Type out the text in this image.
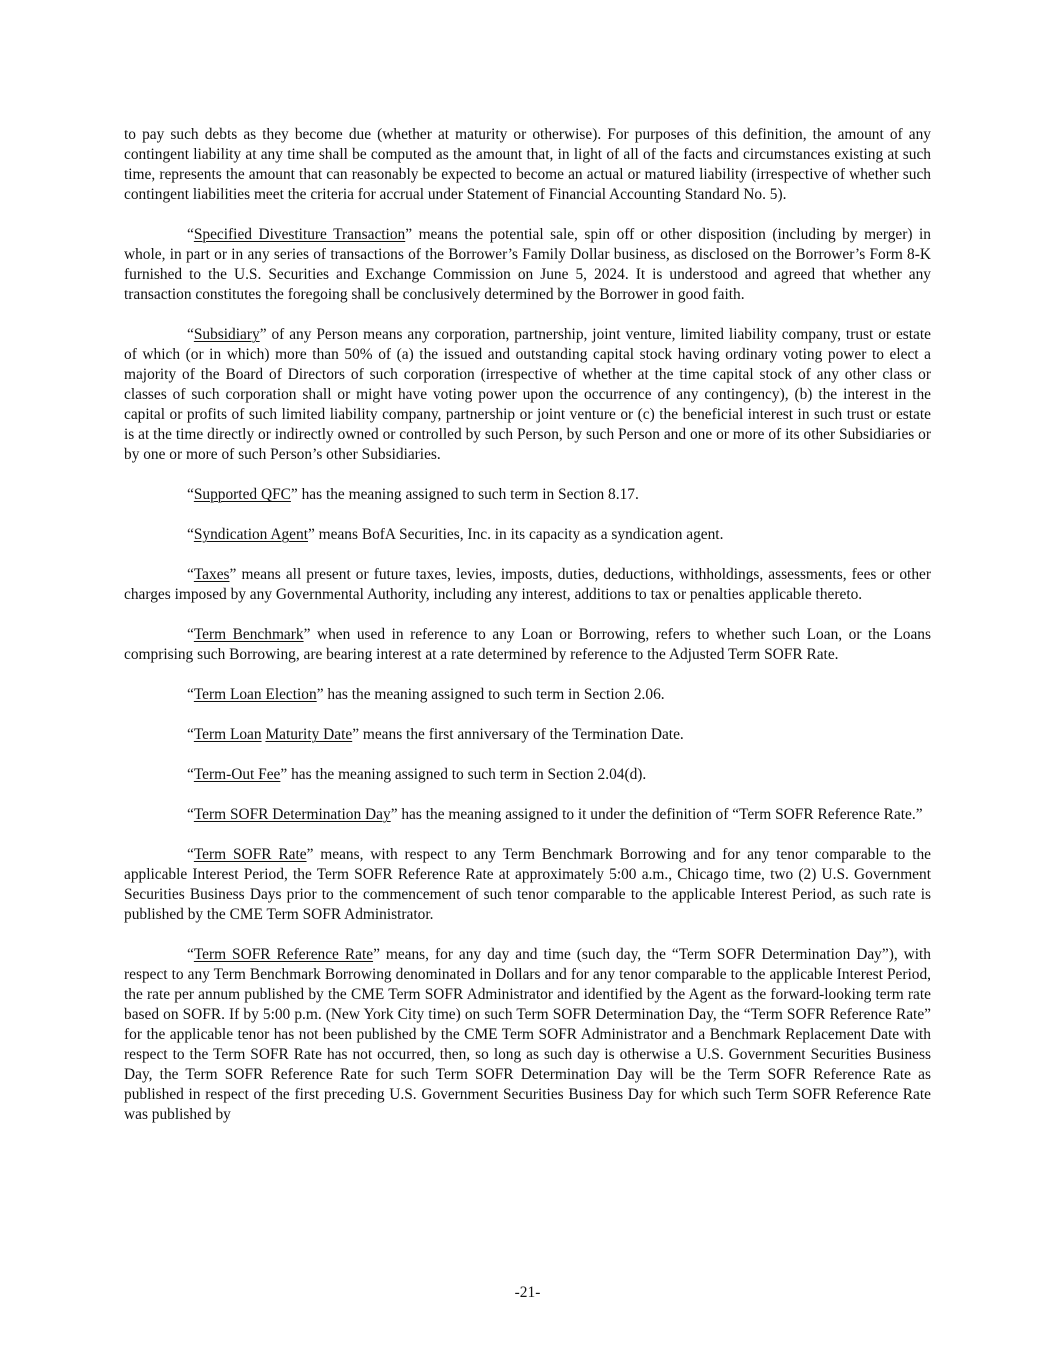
to pay such debts as they become due (whether at maturity or otherwise). For purposes of this definition, the amount of any contingent liability at any time shall be computed as the amount that, in light of all of the facts and circumstances existing at such time, represents the amount that can reasonably be expected to become an actual or matured liability (irrespective of whether such contingent liabilities meet the criteria for accrual under Statement of Financial Accounting Standard No. 5).

“Specified Divestiture Transaction” means the potential sale, spin off or other disposition (including by merger) in whole, in part or in any series of transactions of the Borrower’s Family Dollar business, as disclosed on the Borrower’s Form 8-K furnished to the U.S. Securities and Exchange Commission on June 5, 2024. It is understood and agreed that whether any transaction constitutes the foregoing shall be conclusively determined by the Borrower in good faith.

“Subsidiary” of any Person means any corporation, partnership, joint venture, limited liability company, trust or estate of which (or in which) more than 50% of (a) the issued and outstanding capital stock having ordinary voting power to elect a majority of the Board of Directors of such corporation (irrespective of whether at the time capital stock of any other class or classes of such corporation shall or might have voting power upon the occurrence of any contingency), (b) the interest in the capital or profits of such limited liability company, partnership or joint venture or (c) the beneficial interest in such trust or estate is at the time directly or indirectly owned or controlled by such Person, by such Person and one or more of its other Subsidiaries or by one or more of such Person’s other Subsidiaries.

“Supported QFC” has the meaning assigned to such term in Section 8.17.

“Syndication Agent” means BofA Securities, Inc. in its capacity as a syndication agent.

“Taxes” means all present or future taxes, levies, imposts, duties, deductions, withholdings, assessments, fees or other charges imposed by any Governmental Authority, including any interest, additions to tax or penalties applicable thereto.

“Term Benchmark” when used in reference to any Loan or Borrowing, refers to whether such Loan, or the Loans comprising such Borrowing, are bearing interest at a rate determined by reference to the Adjusted Term SOFR Rate.

“Term Loan Election” has the meaning assigned to such term in Section 2.06.

“Term Loan Maturity Date” means the first anniversary of the Termination Date.

“Term-Out Fee” has the meaning assigned to such term in Section 2.04(d).

“Term SOFR Determination Day” has the meaning assigned to it under the definition of “Term SOFR Reference Rate.”

“Term SOFR Rate” means, with respect to any Term Benchmark Borrowing and for any tenor comparable to the applicable Interest Period, the Term SOFR Reference Rate at approximately 5:00 a.m., Chicago time, two (2) U.S. Government Securities Business Days prior to the commencement of such tenor comparable to the applicable Interest Period, as such rate is published by the CME Term SOFR Administrator.

“Term SOFR Reference Rate” means, for any day and time (such day, the “Term SOFR Determination Day”), with respect to any Term Benchmark Borrowing denominated in Dollars and for any tenor comparable to the applicable Interest Period, the rate per annum published by the CME Term SOFR Administrator and identified by the Agent as the forward-looking term rate based on SOFR. If by 5:00 p.m. (New York City time) on such Term SOFR Determination Day, the “Term SOFR Reference Rate” for the applicable tenor has not been published by the CME Term SOFR Administrator and a Benchmark Replacement Date with respect to the Term SOFR Rate has not occurred, then, so long as such day is otherwise a U.S. Government Securities Business Day, the Term SOFR Reference Rate for such Term SOFR Determination Day will be the Term SOFR Reference Rate as published in respect of the first preceding U.S. Government Securities Business Day for which such Term SOFR Reference Rate was published by

-21-
